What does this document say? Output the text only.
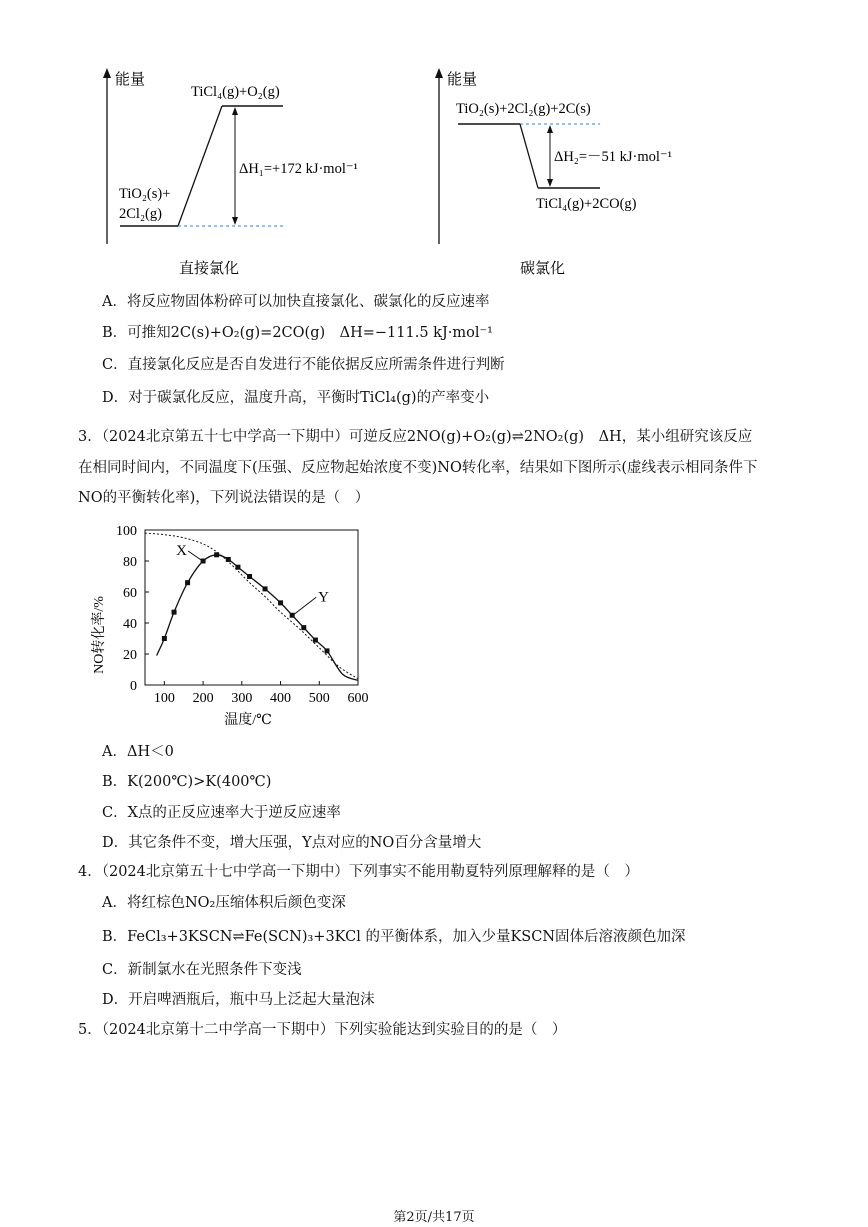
能量
TiCl₄(g)+O₂(g)
ΔH₁=+172 kJ·mol⁻¹
TiO₂(s)+
2Cl₂(g)
直接氯化
能量
TiO₂(s)+2Cl₂(g)+2C(s)
ΔH₂=－51 kJ·mol⁻¹
TiCl₄(g)+2CO(g)
碳氯化
A．将反应物固体粉碎可以加快直接氯化、碳氯化的反应速率
B．可推知2C(s)+O₂(g)=2CO(g)　ΔH=−111.5 kJ·mol⁻¹
C．直接氯化反应是否自发进行不能依据反应所需条件进行判断
D．对于碳氯化反应，温度升高，平衡时TiCl₄(g)的产率变小
3．（2024北京第五十七中学高一下期中）可逆反应2NO(g)+O₂(g)⇌2NO₂(g)　ΔH，某小组研究该反应
在相同时间内，不同温度下(压强、反应物起始浓度不变)NO转化率，结果如下图所示(虚线表示相同条件下
NO的平衡转化率)，下列说法错误的是（　）
100 200 300 400 500 600
0
20
40
60
80
100
X
Y
NO转化率/%
温度/℃
A．ΔH＜0
B．K(200℃)>K(400℃)
C．X点的正反应速率大于逆反应速率
D．其它条件不变，增大压强，Y点对应的NO百分含量增大
4．（2024北京第五十七中学高一下期中）下列事实不能用勒夏特列原理解释的是（　）
A．将红棕色NO₂压缩体积后颜色变深
B．FeCl₃+3KSCN⇌Fe(SCN)₃+3KCl 的平衡体系，加入少量KSCN固体后溶液颜色加深
C．新制氯水在光照条件下变浅
D．开启啤酒瓶后，瓶中马上泛起大量泡沫
5．（2024北京第十二中学高一下期中）下列实验能达到实验目的的是（　）
第2页/共17页
